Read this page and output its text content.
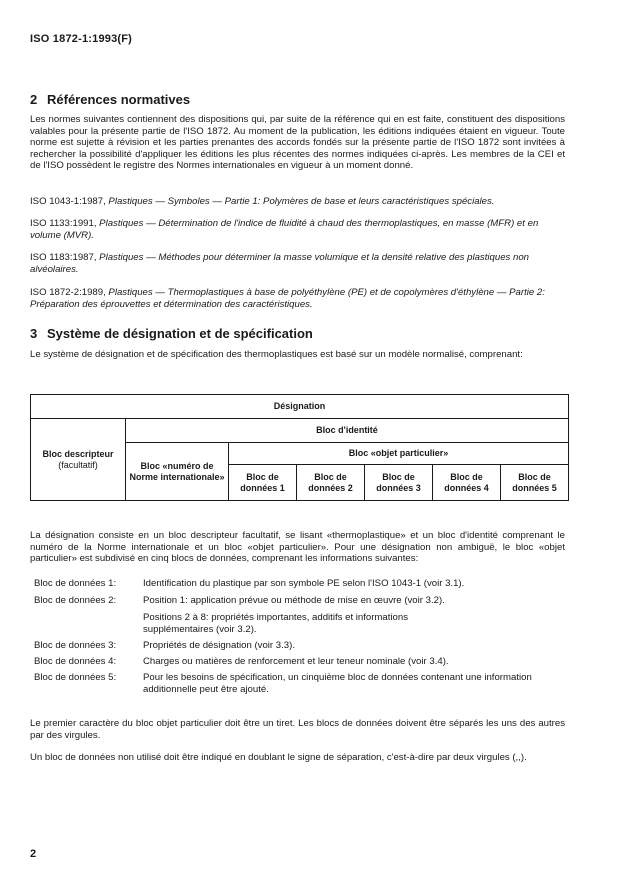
ISO 1872-1:1993(F)
2 Références normatives
Les normes suivantes contiennent des dispositions qui, par suite de la référence qui en est faite, constituent des dispositions valables pour la présente partie de l'ISO 1872. Au moment de la publication, les éditions indiquées étaient en vigueur. Toute norme est sujette à révision et les parties prenantes des accords fondés sur la présente partie de l'ISO 1872 sont invitées à rechercher la possibilité d'appliquer les éditions les plus récentes des normes indiquées ci-après. Les membres de la CEI et de l'ISO possèdent le registre des Normes internationales en vigueur à un moment donné.
ISO 1043-1:1987, Plastiques — Symboles — Partie 1: Polymères de base et leurs caractéristiques spéciales.
ISO 1133:1991, Plastiques — Détermination de l'indice de fluidité à chaud des thermoplastiques, en masse (MFR) et en volume (MVR).
ISO 1183:1987, Plastiques — Méthodes pour déterminer la masse volumique et la densité relative des plastiques non alvéolaires.
ISO 1872-2:1989, Plastiques — Thermoplastiques à base de polyéthylène (PE) et de copolymères d'éthylène — Partie 2: Préparation des éprouvettes et détermination des caractéristiques.
3 Système de désignation et de spécification
Le système de désignation et de spécification des thermoplastiques est basé sur un modèle normalisé, comprenant:
Désignation						

Bloc descripteur
(facultatif)	Bloc d'identité					
	Bloc «numéro de Norme internationale»	Bloc «objet particulier»				
		Bloc de données 1	Bloc de données 2	Bloc de données 3	Bloc de données 4	Bloc de données 5
La désignation consiste en un bloc descripteur facultatif, se lisant «thermoplastique» et un bloc d'identité comprenant le numéro de la Norme internationale et un bloc «objet particulier». Pour une désignation non ambiguë, le bloc «objet particulier» est subdivisé en cinq blocs de données, comprenant les informations suivantes:
Bloc de données 1:	Identification du plastique par son symbole PE selon l'ISO 1043-1 (voir 3.1).
Bloc de données 2:	Position 1: application prévue ou méthode de mise en œuvre (voir 3.2).
Positions 2 à 8: propriétés importantes, additifs et informations supplémentaires (voir 3.2).
Bloc de données 3:	Propriétés de désignation (voir 3.3).
Bloc de données 4:	Charges ou matières de renforcement et leur teneur nominale (voir 3.4).
Bloc de données 5:	Pour les besoins de spécification, un cinquième bloc de données contenant une information additionnelle peut être ajouté.
Le premier caractère du bloc objet particulier doit être un tiret. Les blocs de données doivent être séparés les uns des autres par des virgules.
Un bloc de données non utilisé doit être indiqué en doublant le signe de séparation, c'est-à-dire par deux virgules (,,).
2
